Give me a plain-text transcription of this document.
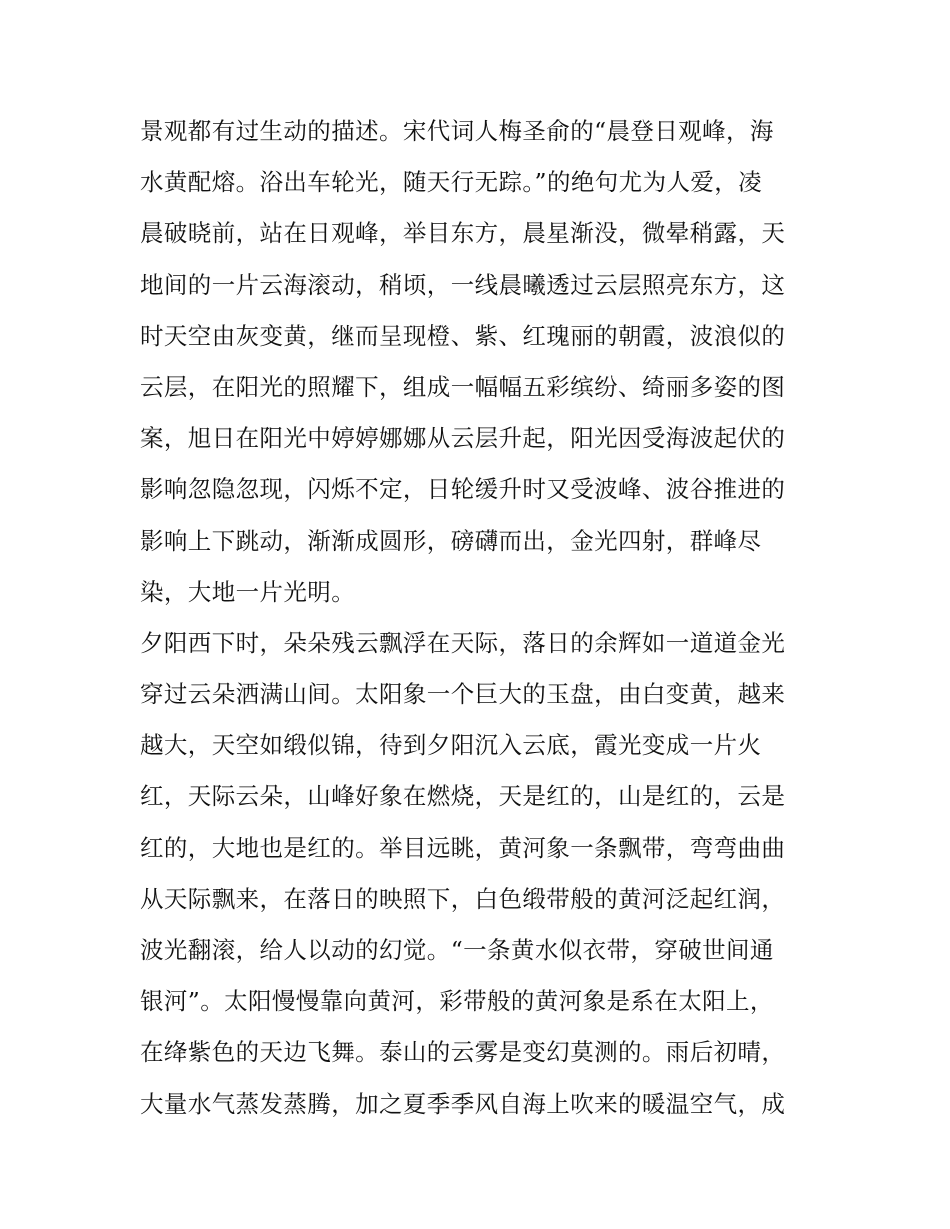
景观都有过生动的描述。宋代词人梅圣俞的“晨登日观峰，海
水黄配熔。浴出车轮光，随天行无踪。”的绝句尤为人爱，凌
晨破晓前，站在日观峰，举目东方，晨星渐没，微晕稍露，天
地间的一片云海滚动，稍顷，一线晨曦透过云层照亮东方，这
时天空由灰变黄，继而呈现橙、紫、红瑰丽的朝霞，波浪似的
云层，在阳光的照耀下，组成一幅幅五彩缤纷、绮丽多姿的图
案，旭日在阳光中婷婷娜娜从云层升起，阳光因受海波起伏的
影响忽隐忽现，闪烁不定，日轮缓升时又受波峰、波谷推进的
影响上下跳动，渐渐成圆形，磅礴而出，金光四射，群峰尽
染，大地一片光明。
夕阳西下时，朵朵残云飘浮在天际，落日的余辉如一道道金光
穿过云朵洒满山间。太阳象一个巨大的玉盘，由白变黄，越来
越大，天空如缎似锦，待到夕阳沉入云底，霞光变成一片火
红，天际云朵，山峰好象在燃烧，天是红的，山是红的，云是
红的，大地也是红的。举目远眺，黄河象一条飘带，弯弯曲曲
从天际飘来，在落日的映照下，白色缎带般的黄河泛起红润，
波光翻滚，给人以动的幻觉。“一条黄水似衣带，穿破世间通
银河”。太阳慢慢靠向黄河，彩带般的黄河象是系在太阳上，
在绛紫色的天边飞舞。泰山的云雾是变幻莫测的。雨后初晴，
大量水气蒸发蒸腾，加之夏季季风自海上吹来的暖温空气，成
